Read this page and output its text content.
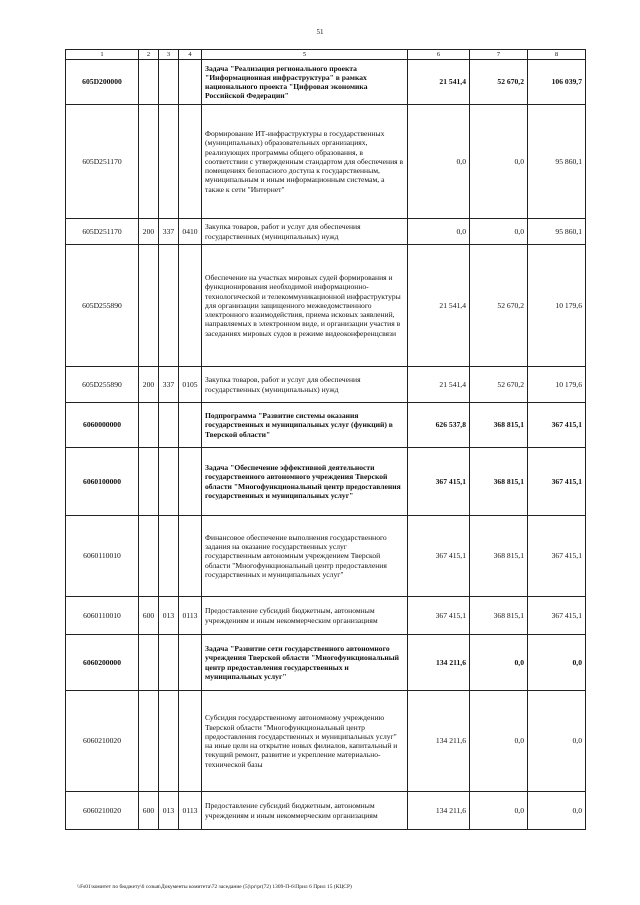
51
1	2	3	4	5	6	7	8
605D200000				Задача "Реализация регионального проекта "Информационная инфраструктура" в рамках национального проекта "Цифровая экономика Российской Федерации"	21 541,4	52 670,2	106 039,7
605D251170				Формирование ИТ-инфраструктуры в государственных (муниципальных) образовательных организациях, реализующих программы общего образования, в соответствии с утвержденным стандартом для обеспечения в помещениях безопасного доступа к государственным, муниципальным и иным информационным системам, а также к сети "Интернет"	0,0	0,0	95 860,1
605D251170	200	337	0410	Закупка товаров, работ и услуг для обеспечения государственных (муниципальных) нужд	0,0	0,0	95 860,1
605D255890				Обеспечение на участках мировых судей формирования и функционирования необходимой информационно-технологической и телекоммуникационной инфраструктуры для организации защищенного межведомственного электронного взаимодействия, приема исковых заявлений, направляемых в электронном виде, и организации участия в заседаниях мировых судов в режиме видеоконференцсвязи	21 541,4	52 670,2	10 179,6
605D255890	200	337	0105	Закупка товаров, работ и услуг для обеспечения государственных (муниципальных) нужд	21 541,4	52 670,2	10 179,6
6060000000				Подпрограмма "Развитие системы оказания государственных и муниципальных услуг (функций) в Тверской области"	626 537,8	368 815,1	367 415,1
6060100000				Задача "Обеспечение эффективной деятельности государственного автономного учреждения Тверской области "Многофункциональный центр предоставления государственных и муниципальных услуг"	367 415,1	368 815,1	367 415,1
6060110010				Финансовое обеспечение выполнения государственного задания на оказание государственных услуг государственным автономным учреждением Тверской области "Многофункциональный центр предоставления государственных и муниципальных услуг"	367 415,1	368 815,1	367 415,1
6060110010	600	013	0113	Предоставление субсидий бюджетным, автономным учреждениям и иным некоммерческим организациям	367 415,1	368 815,1	367 415,1
6060200000				Задача "Развитие сети государственного автономного учреждения Тверской области "Многофункциональный центр предоставления государственных и муниципальных услуг"	134 211,6	0,0	0,0
6060210020				Субсидия государственному автономному учреждению Тверской области "Многофункциональный центр предоставления государственных и муниципальных услуг" на иные цели на открытие новых филиалов, капитальный и текущий ремонт, развитие и укрепление материально-технической базы	134 211,6	0,0	0,0
6060210020	600	013	0113	Предоставление субсидий бюджетным, автономным учреждениям и иным некоммерческим организациям	134 211,6	0,0	0,0
\\Fs01\комитет по бюджету\6 созыв\Документы комитета\72 заседание (5)\рr\рr(72) 1309-П-6\Прил 6 Прил 15 (КЦСР)
